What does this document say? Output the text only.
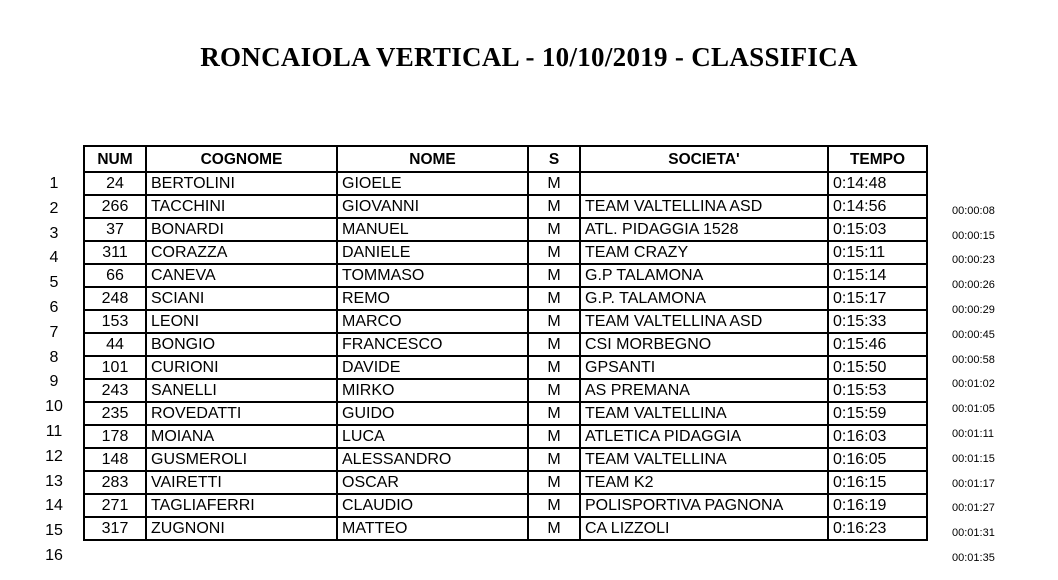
RONCAIOLA VERTICAL - 10/10/2019 - CLASSIFICA
NUM	COGNOME	NOME	S	SOCIETA'	TEMPO
24	BERTOLINI	GIOELE	M		0:14:48
266	TACCHINI	GIOVANNI	M	TEAM VALTELLINA ASD	0:14:56
37	BONARDI	MANUEL	M	ATL. PIDAGGIA 1528	0:15:03
311	CORAZZA	DANIELE	M	TEAM CRAZY	0:15:11
66	CANEVA	TOMMASO	M	G.P TALAMONA	0:15:14
248	SCIANI	REMO	M	G.P. TALAMONA	0:15:17
153	LEONI	MARCO	M	TEAM VALTELLINA ASD	0:15:33
44	BONGIO	FRANCESCO	M	CSI MORBEGNO	0:15:46
101	CURIONI	DAVIDE	M	GPSANTI	0:15:50
243	SANELLI	MIRKO	M	AS PREMANA	0:15:53
235	ROVEDATTI	GUIDO	M	TEAM VALTELLINA	0:15:59
178	MOIANA	LUCA	M	ATLETICA PIDAGGIA	0:16:03
148	GUSMEROLI	ALESSANDRO	M	TEAM VALTELLINA	0:16:05
283	VAIRETTI	OSCAR	M	TEAM K2	0:16:15
271	TAGLIAFERRI	CLAUDIO	M	POLISPORTIVA PAGNONA	0:16:19
317	ZUGNONI	MATTEO	M	CA LIZZOLI	0:16:23
1
2	00:00:08
3	00:00:15
4	00:00:23
5	00:00:26
6	00:00:29
7	00:00:45
8	00:00:58
9	00:01:02
10	00:01:05
11	00:01:11
12	00:01:15
13	00:01:17
14	00:01:27
15	00:01:31
16	00:01:35
